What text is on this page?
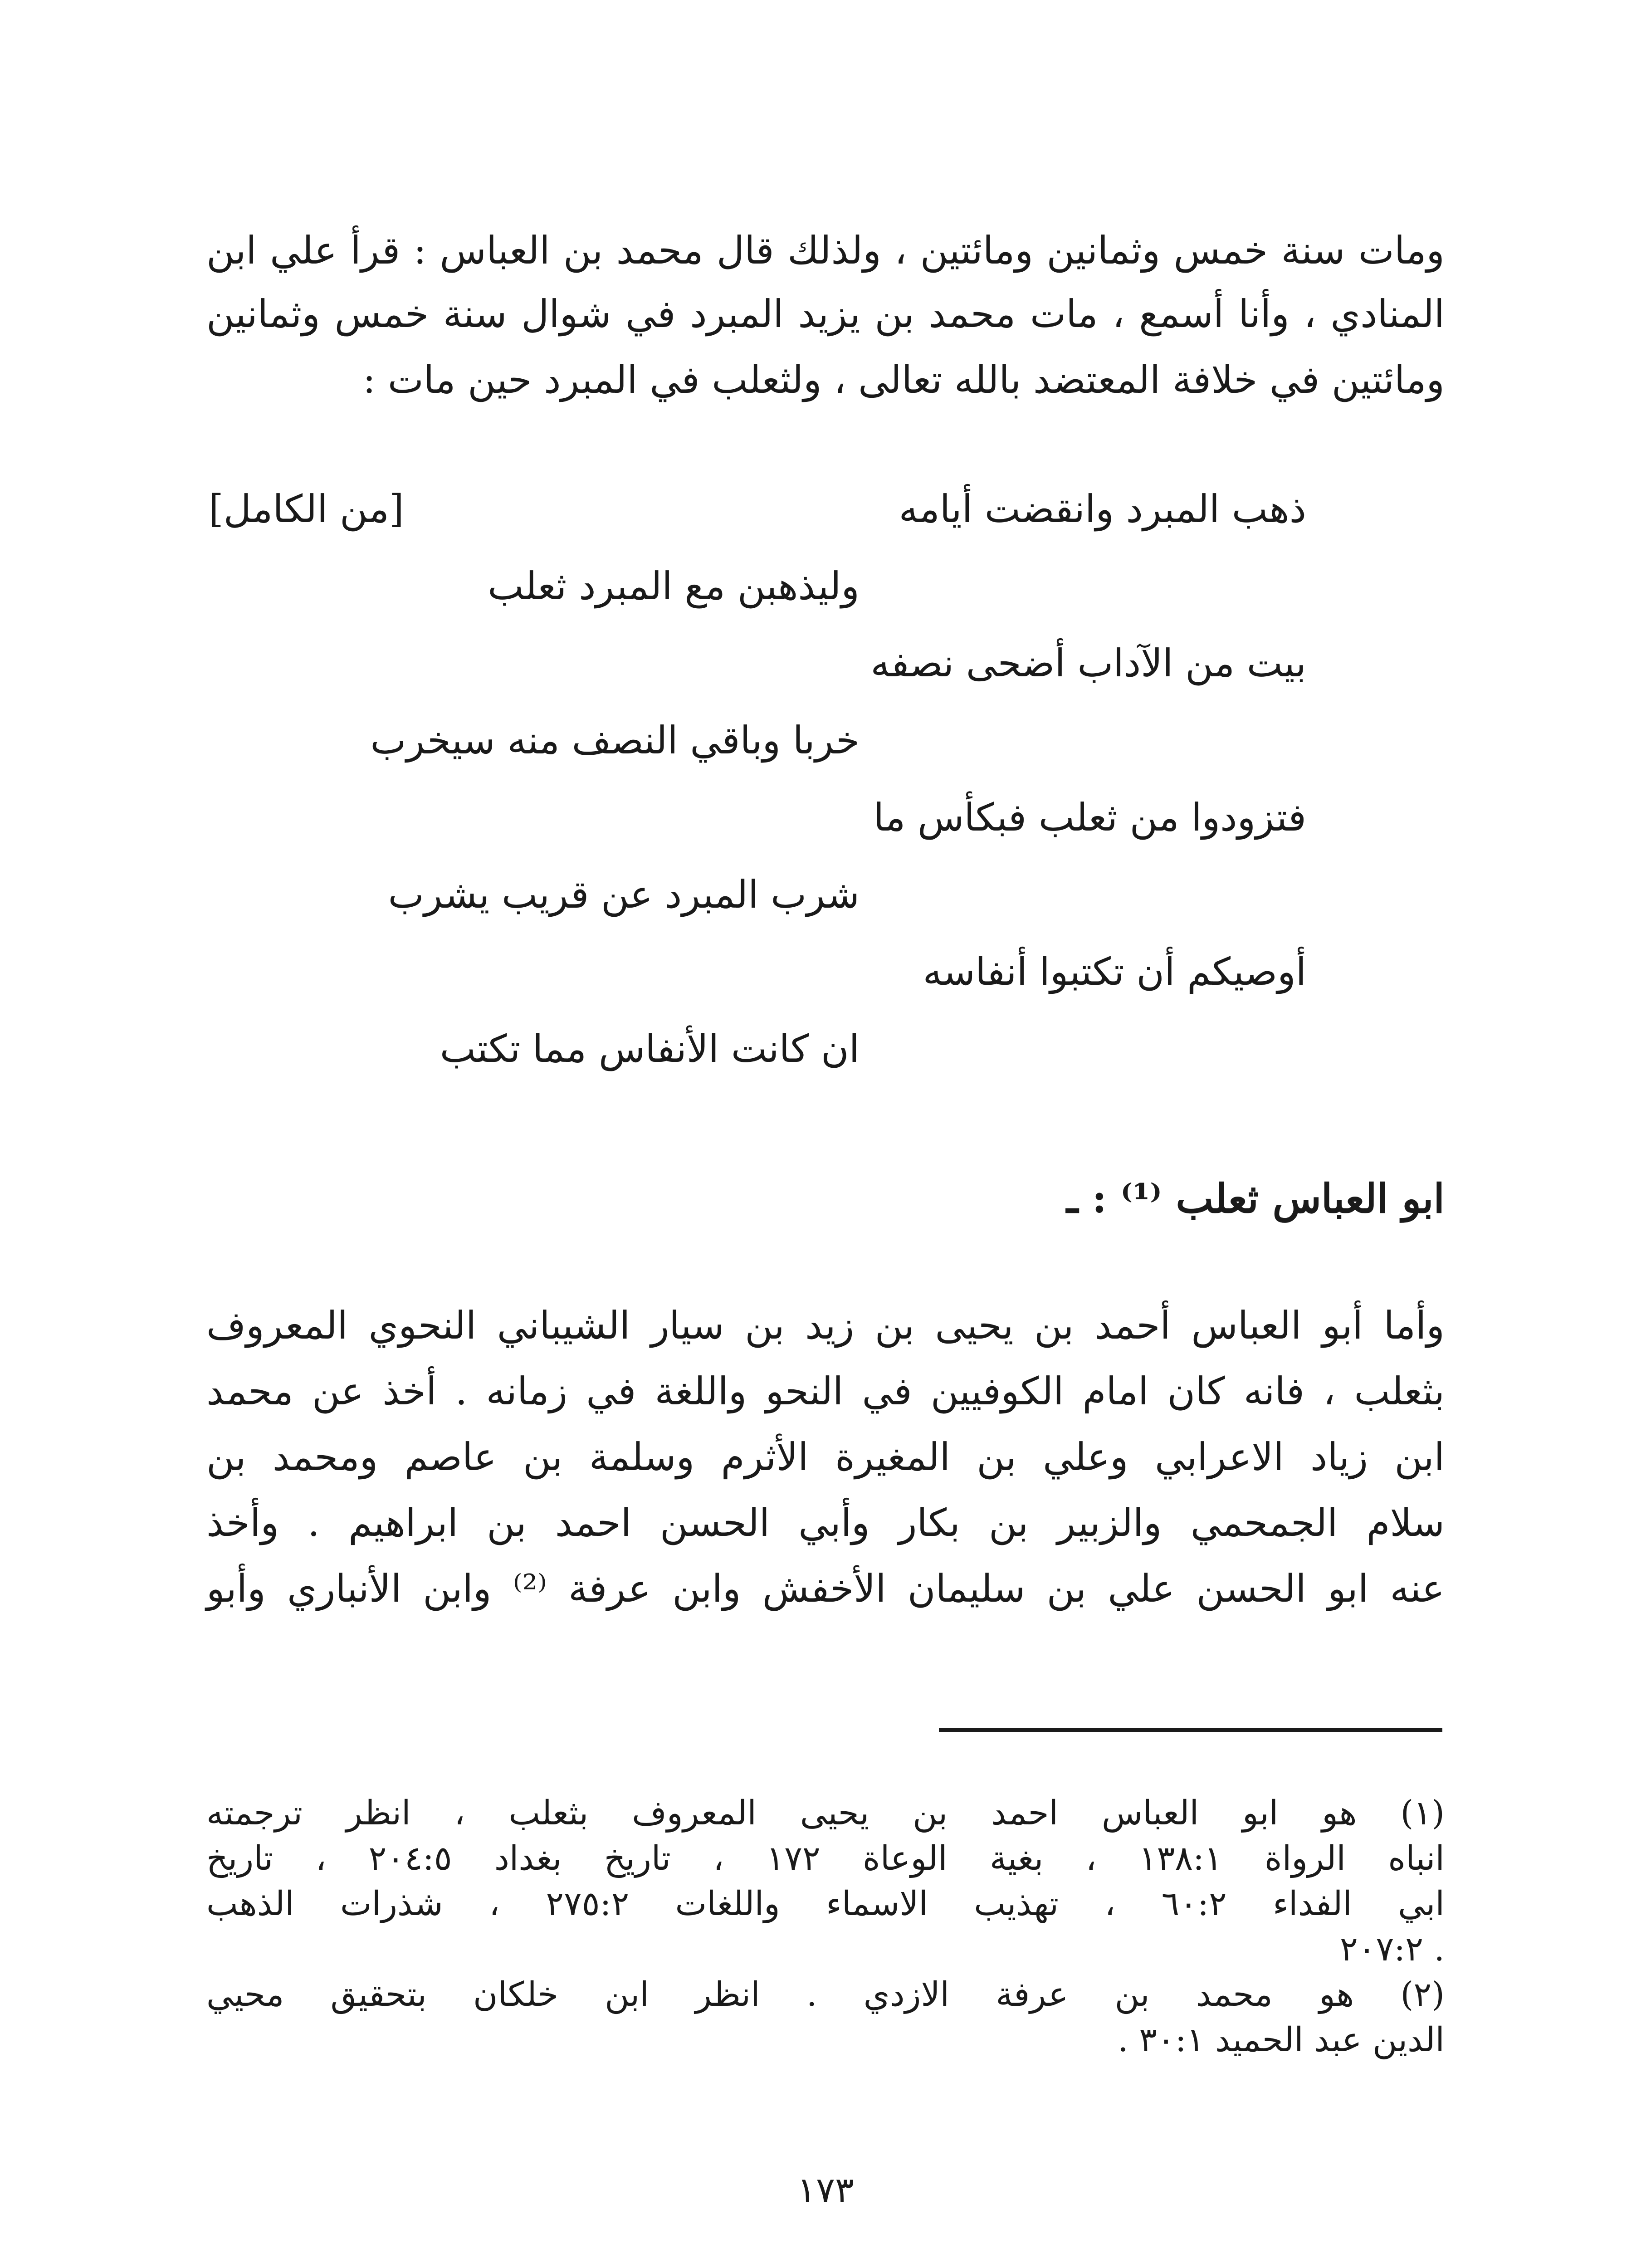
ومات سنة خمس وثمانين ومائتين ، ولذلك قال محمد بن العباس : قرأ علي ابن
المنادي ، وأنا أسمع ، مات محمد بن يزيد المبرد في شوال سنة خمس وثمانين
ومائتين في خلافة المعتضد بالله تعالى ، ولثعلب في المبرد حين مات :
[من الكامل]	ذهب المبرد وانقضت أيامه
وليذهبن مع المبرد ثعلب
بيت من الآداب أضحى نصفه
خربا وباقي النصف منه سيخرب
فتزودوا من ثعلب فبكأس ما
شرب المبرد عن قريب يشرب
أوصيكم أن تكتبوا أنفاسه
ان كانت الأنفاس مما تكتب
ابو العباس ثعلب ⁽¹⁾ : ـ
وأما أبو العباس أحمد بن يحيى بن زيد بن سيار الشيباني النحوي المعروف
بثعلب ، فانه كان امام الكوفيين في النحو واللغة في زمانه . أخذ عن محمد
ابن زياد الاعرابي وعلي بن المغيرة الأثرم وسلمة بن عاصم ومحمد بن
سلام الجمحمي والزبير بن بكار وأبي الحسن احمد بن ابراهيم . وأخذ
عنه ابو الحسن علي بن سليمان الأخفش وابن عرفة ⁽²⁾ وابن الأنباري وأبو
(١) هو ابو العباس احمد بن يحيى المعروف بثعلب ، انظر ترجمته
انباه الرواة ١٣٨:١ ، بغية الوعاة ١٧٢ ، تاريخ بغداد ٢٠٤:٥ ، تاريخ
ابي الفداء ٦٠:٢ ، تهذيب الاسماء واللغات ٢٧٥:٢ ، شذرات الذهب
. ٢٠٧:٢
(٢) هو محمد بن عرفة الازدي . انظر ابن خلكان بتحقيق محيي
الدين عبد الحميد ٣٠:١ .
١٧٣
